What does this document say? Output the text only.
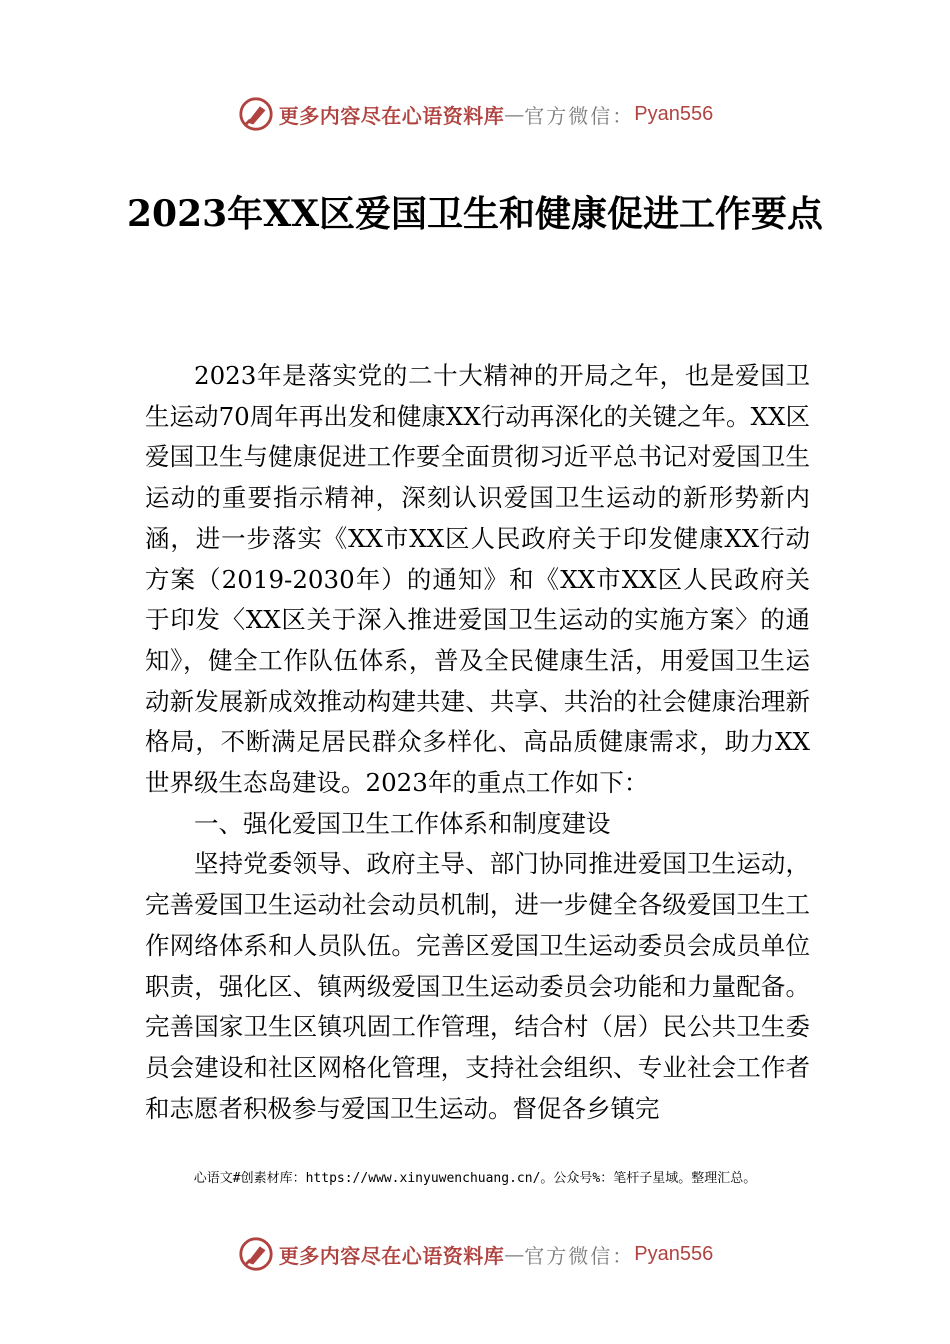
更多内容尽在心语资料库 — 官方微信： Pyan556
2023年XX区爱国卫生和健康促进工作要点

2023年是落实党的二十大精神的开局之年，也是爱国卫生运动70周年再出发和健康XX行动再深化的关键之年。XX区爱国卫生与健康促进工作要全面贯彻习近平总书记对爱国卫生运动的重要指示精神，深刻认识爱国卫生运动的新形势新内涵，进一步落实《XX市XX区人民政府关于印发健康XX行动方案（2019-2030年）的通知》和《XX市XX区人民政府关于印发〈XX区关于深入推进爱国卫生运动的实施方案〉的通知》，健全工作队伍体系，普及全民健康生活，用爱国卫生运动新发展新成效推动构建共建、共享、共治的社会健康治理新格局，不断满足居民群众多样化、高品质健康需求，助力XX世界级生态岛建设。2023年的重点工作如下：

一、强化爱国卫生工作体系和制度建设

坚持党委领导、政府主导、部门协同推进爱国卫生运动，完善爱国卫生运动社会动员机制，进一步健全各级爱国卫生工作网络体系和人员队伍。完善区爱国卫生运动委员会成员单位职责，强化区、镇两级爱国卫生运动委员会功能和力量配备。完善国家卫生区镇巩固工作管理，结合村（居）民公共卫生委员会建设和社区网格化管理，支持社会组织、专业社会工作者和志愿者积极参与爱国卫生运动。督促各乡镇完

心语文#创素材库：https://www.xinyuwenchuang.cn/。公众号%：笔杆子星域。整理汇总。
更多内容尽在心语资料库 — 官方微信： Pyan556
